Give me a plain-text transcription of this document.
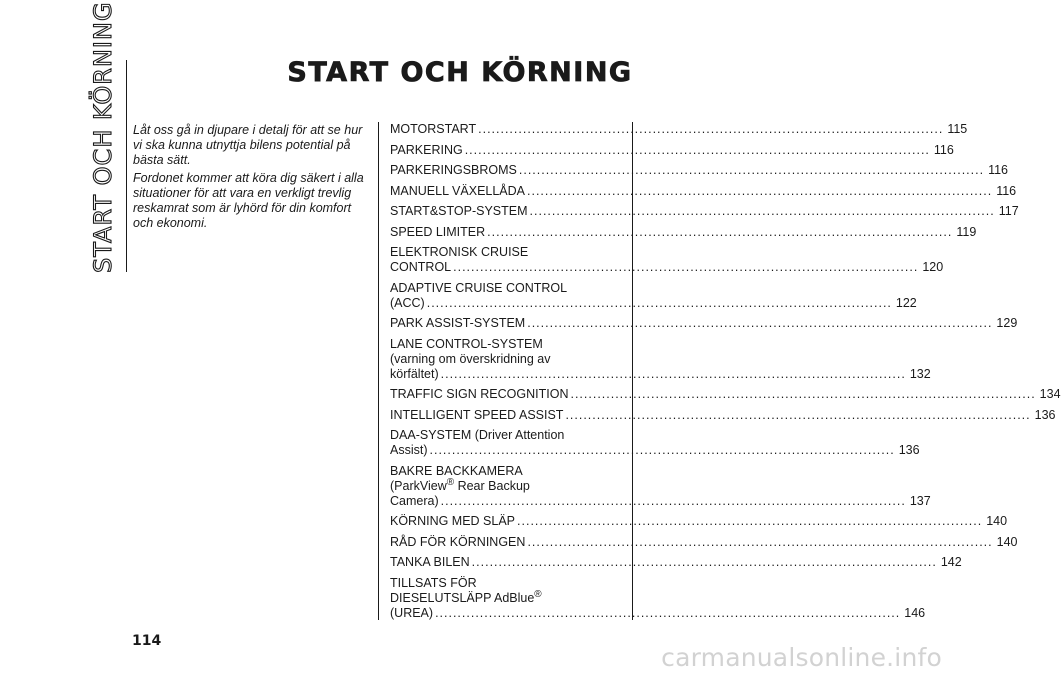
START OCH KÖRNING	START OCH KÖRNING

Låt oss gå in djupare i detalj för att se hur vi ska kunna utnyttja bilens potential på bästa sätt.

Fordonet kommer att köra dig säkert i alla situationer för att vara en verkligt trevlig reskamrat som är lyhörd för din komfort och ekonomi.

MOTORSTART ........................................................................................................ 115
PARKERING ........................................................................................................ 116
PARKERINGSBROMS ........................................................................................................ 116
MANUELL VÄXELLÅDA ........................................................................................................ 116
START&STOP-SYSTEM ........................................................................................................ 117
SPEED LIMITER ........................................................................................................ 119
ELEKTRONISK CRUISE
CONTROL ........................................................................................................ 120
ADAPTIVE CRUISE CONTROL
(ACC) ........................................................................................................ 122
PARK ASSIST-SYSTEM ........................................................................................................ 129
LANE CONTROL-SYSTEM
(varning om överskridning av
körfältet) ........................................................................................................ 132
TRAFFIC SIGN RECOGNITION ........................................................................................................ 134
INTELLIGENT SPEED ASSIST ........................................................................................................ 136
DAA-SYSTEM (Driver Attention
Assist) ........................................................................................................ 136
BAKRE BACKKAMERA
(ParkView® Rear Backup
Camera) ........................................................................................................ 137
KÖRNING MED SLÄP ........................................................................................................ 140
RÅD FÖR KÖRNINGEN ........................................................................................................ 140
TANKA BILEN ........................................................................................................ 142
TILLSATS FÖR
DIESELUTSLÄPP AdBlue®
(UREA) ........................................................................................................ 146
114
carmanualsonline.info
